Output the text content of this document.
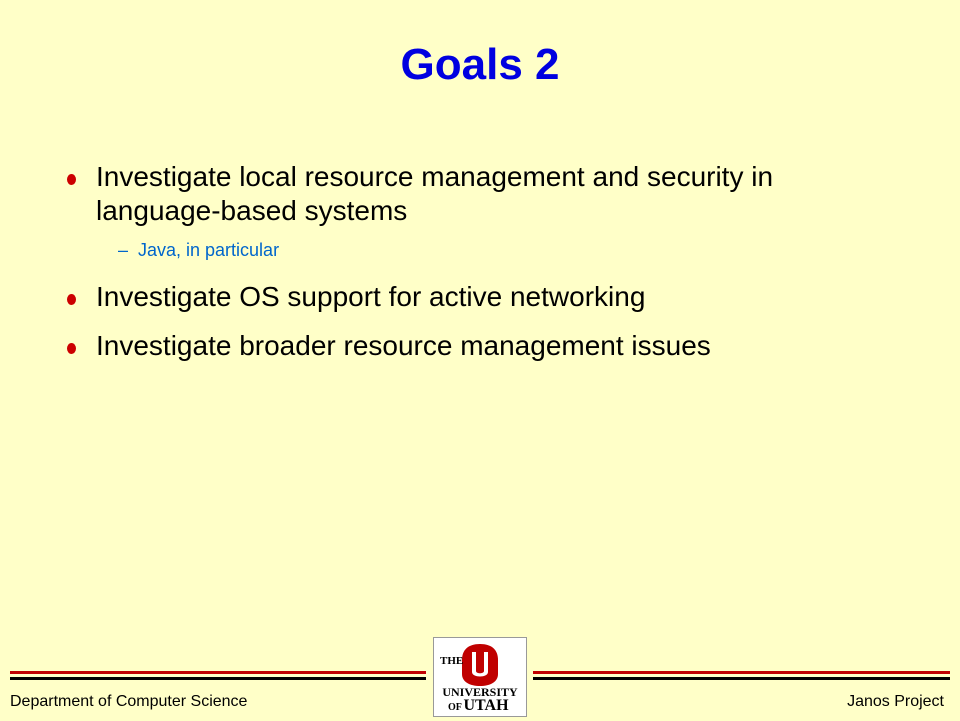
Goals 2
Investigate local resource management and security in
language-based systems
– Java, in particular
Investigate OS support for active networking
Investigate broader resource management issues
THE
UNIVERSITY
OF UTAH
Department of Computer Science	Janos Project
